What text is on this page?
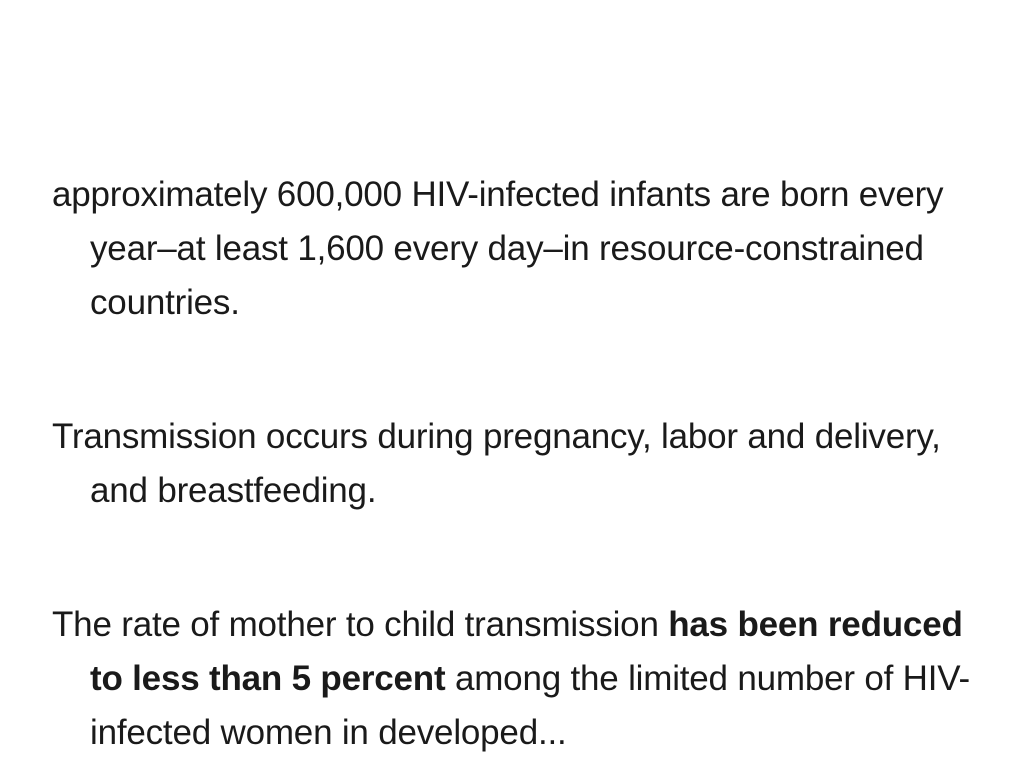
approximately 600,000 HIV-infected infants are born every year–at least 1,600 every day–in resource-constrained countries.

Transmission occurs during pregnancy, labor and delivery, and breastfeeding.

The rate of mother to child transmission has been reduced to less than 5 percent among the limited number of HIV-infected women in developed...
